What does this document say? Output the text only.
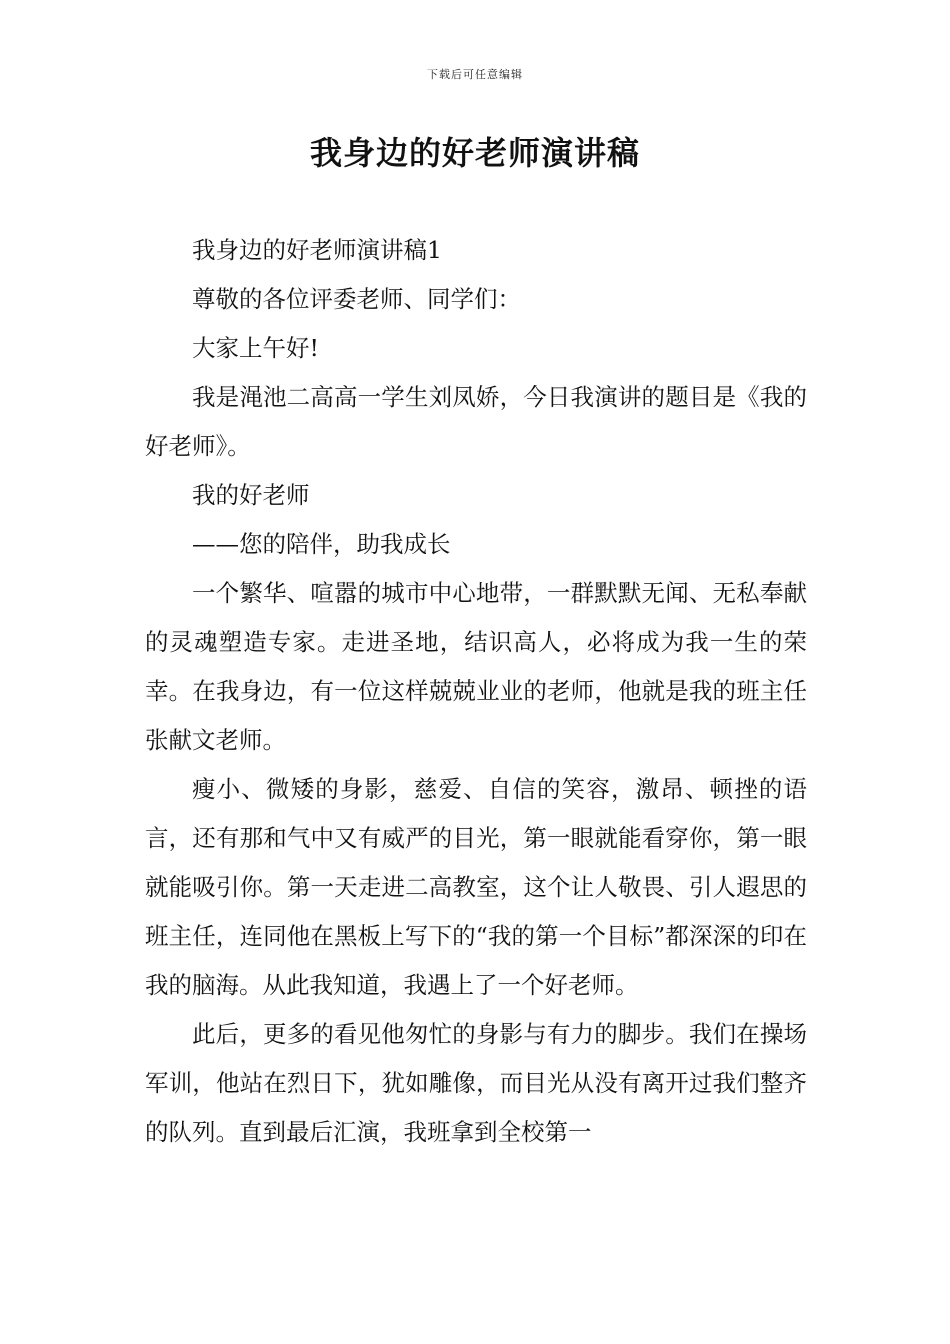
下载后可任意编辑
我身边的好老师演讲稿

我身边的好老师演讲稿1

尊敬的各位评委老师、同学们：

大家上午好!

我是渑池二高高一学生刘凤娇，今日我演讲的题目是《我的好老师》。

我的好老师

——您的陪伴，助我成长

一个繁华、喧嚣的城市中心地带，一群默默无闻、无私奉献的灵魂塑造专家。走进圣地，结识高人，必将成为我一生的荣幸。在我身边，有一位这样兢兢业业的老师，他就是我的班主任张献文老师。

瘦小、微矮的身影，慈爱、自信的笑容，激昂、顿挫的语言，还有那和气中又有威严的目光，第一眼就能看穿你，第一眼就能吸引你。第一天走进二高教室，这个让人敬畏、引人遐思的班主任，连同他在黑板上写下的“我的第一个目标”都深深的印在我的脑海。从此我知道，我遇上了一个好老师。

此后，更多的看见他匆忙的身影与有力的脚步。我们在操场军训，他站在烈日下，犹如雕像，而目光从没有离开过我们整齐的队列。直到最后汇演，我班拿到全校第一
